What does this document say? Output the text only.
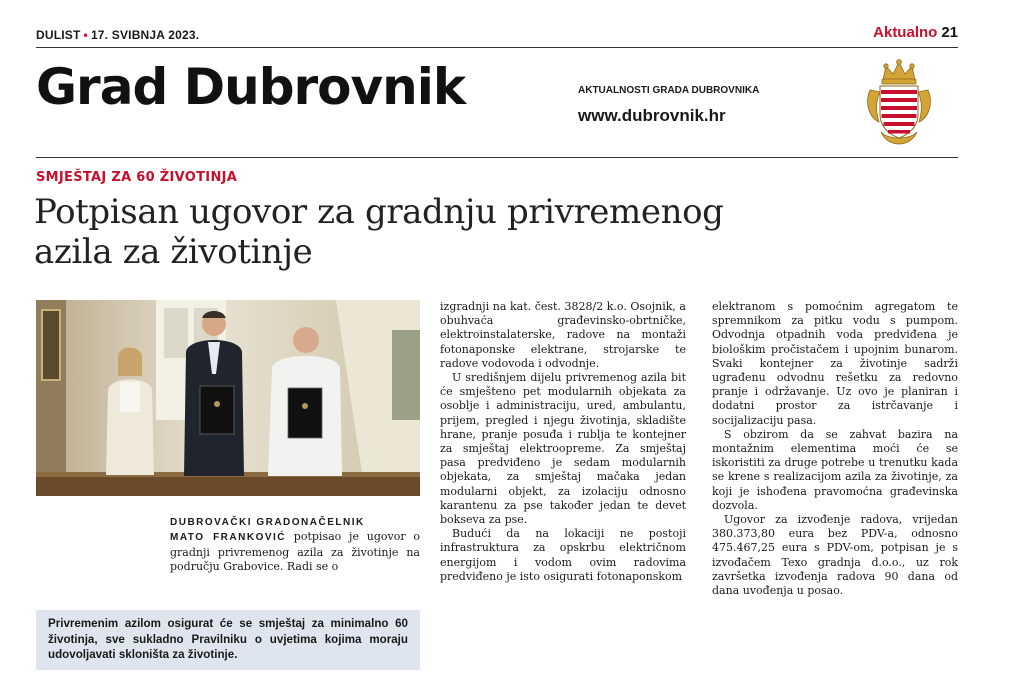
DULIST • 17. SVIBNJA 2023.	Aktualno 21
Grad Dubrovnik	AKTUALNOSTI GRADA DUBROVNIKA
www.dubrovnik.hr
SMJEŠTAJ ZA 60 ŽIVOTINJA
Potpisan ugovor za gradnju privremenog
azila za životinje
DUBROVAČKI GRADONAČELNIK
MATO FRANKOVIĆ potpisao je ugovor o gradnji privremenog azila za životinje na području Grabovice. Radi se o
Privremenim azilom osigurat će se smještaj za minimalno 60 životinja, sve sukladno Pravilniku o uvjetima kojima moraju udovoljavati skloništa za životinje.

izgradnji na kat. čest. 3828/2 k.o. Osojnik, a obuhvaća građevinsko-obrtničke, elektroinstalaterske, radove na montaži fotonaponske elektrane, strojarske te radove vodovoda i odvodnje.

U središnjem dijelu privremenog azila bit će smješteno pet modularnih objekata za osoblje i administraciju, ured, ambulantu, prijem, pregled i njegu životinja, skladište hrane, pranje posuđa i rublja te kontejner za smještaj elektroopreme. Za smještaj pasa predviđeno je sedam modularnih objekata, za smještaj mačaka jedan modularni objekt, za izolaciju odnosno karantenu za pse također jedan te devet bokseva za pse.

Budući da na lokaciji ne postoji infrastruktura za opskrbu električnom energijom i vodom ovim radovima predviđeno je isto osigurati fotonaponskom

elektranom s pomoćnim agregatom te spremnikom za pitku vodu s pumpom. Odvodnja otpadnih voda predviđena je biološkim pročistačem i upojnim bunarom. Svaki kontejner za životinje sadrži ugrađenu odvodnu rešetku za redovno pranje i održavanje. Uz ovo je planiran i dodatni prostor za istrčavanje i socijalizaciju pasa.

S obzirom da se zahvat bazira na montažnim elementima moći će se iskoristiti za druge potrebe u trenutku kada se krene s realizacijom azila za životinje, za koji je ishođena pravomoćna građevinska dozvola.

Ugovor za izvođenje radova, vrijedan 380.373,80 eura bez PDV-a, odnosno 475.467,25 eura s PDV-om, potpisan je s izvođačem Texo gradnja d.o.o., uz rok završetka izvođenja radova 90 dana od dana uvođenja u posao.
